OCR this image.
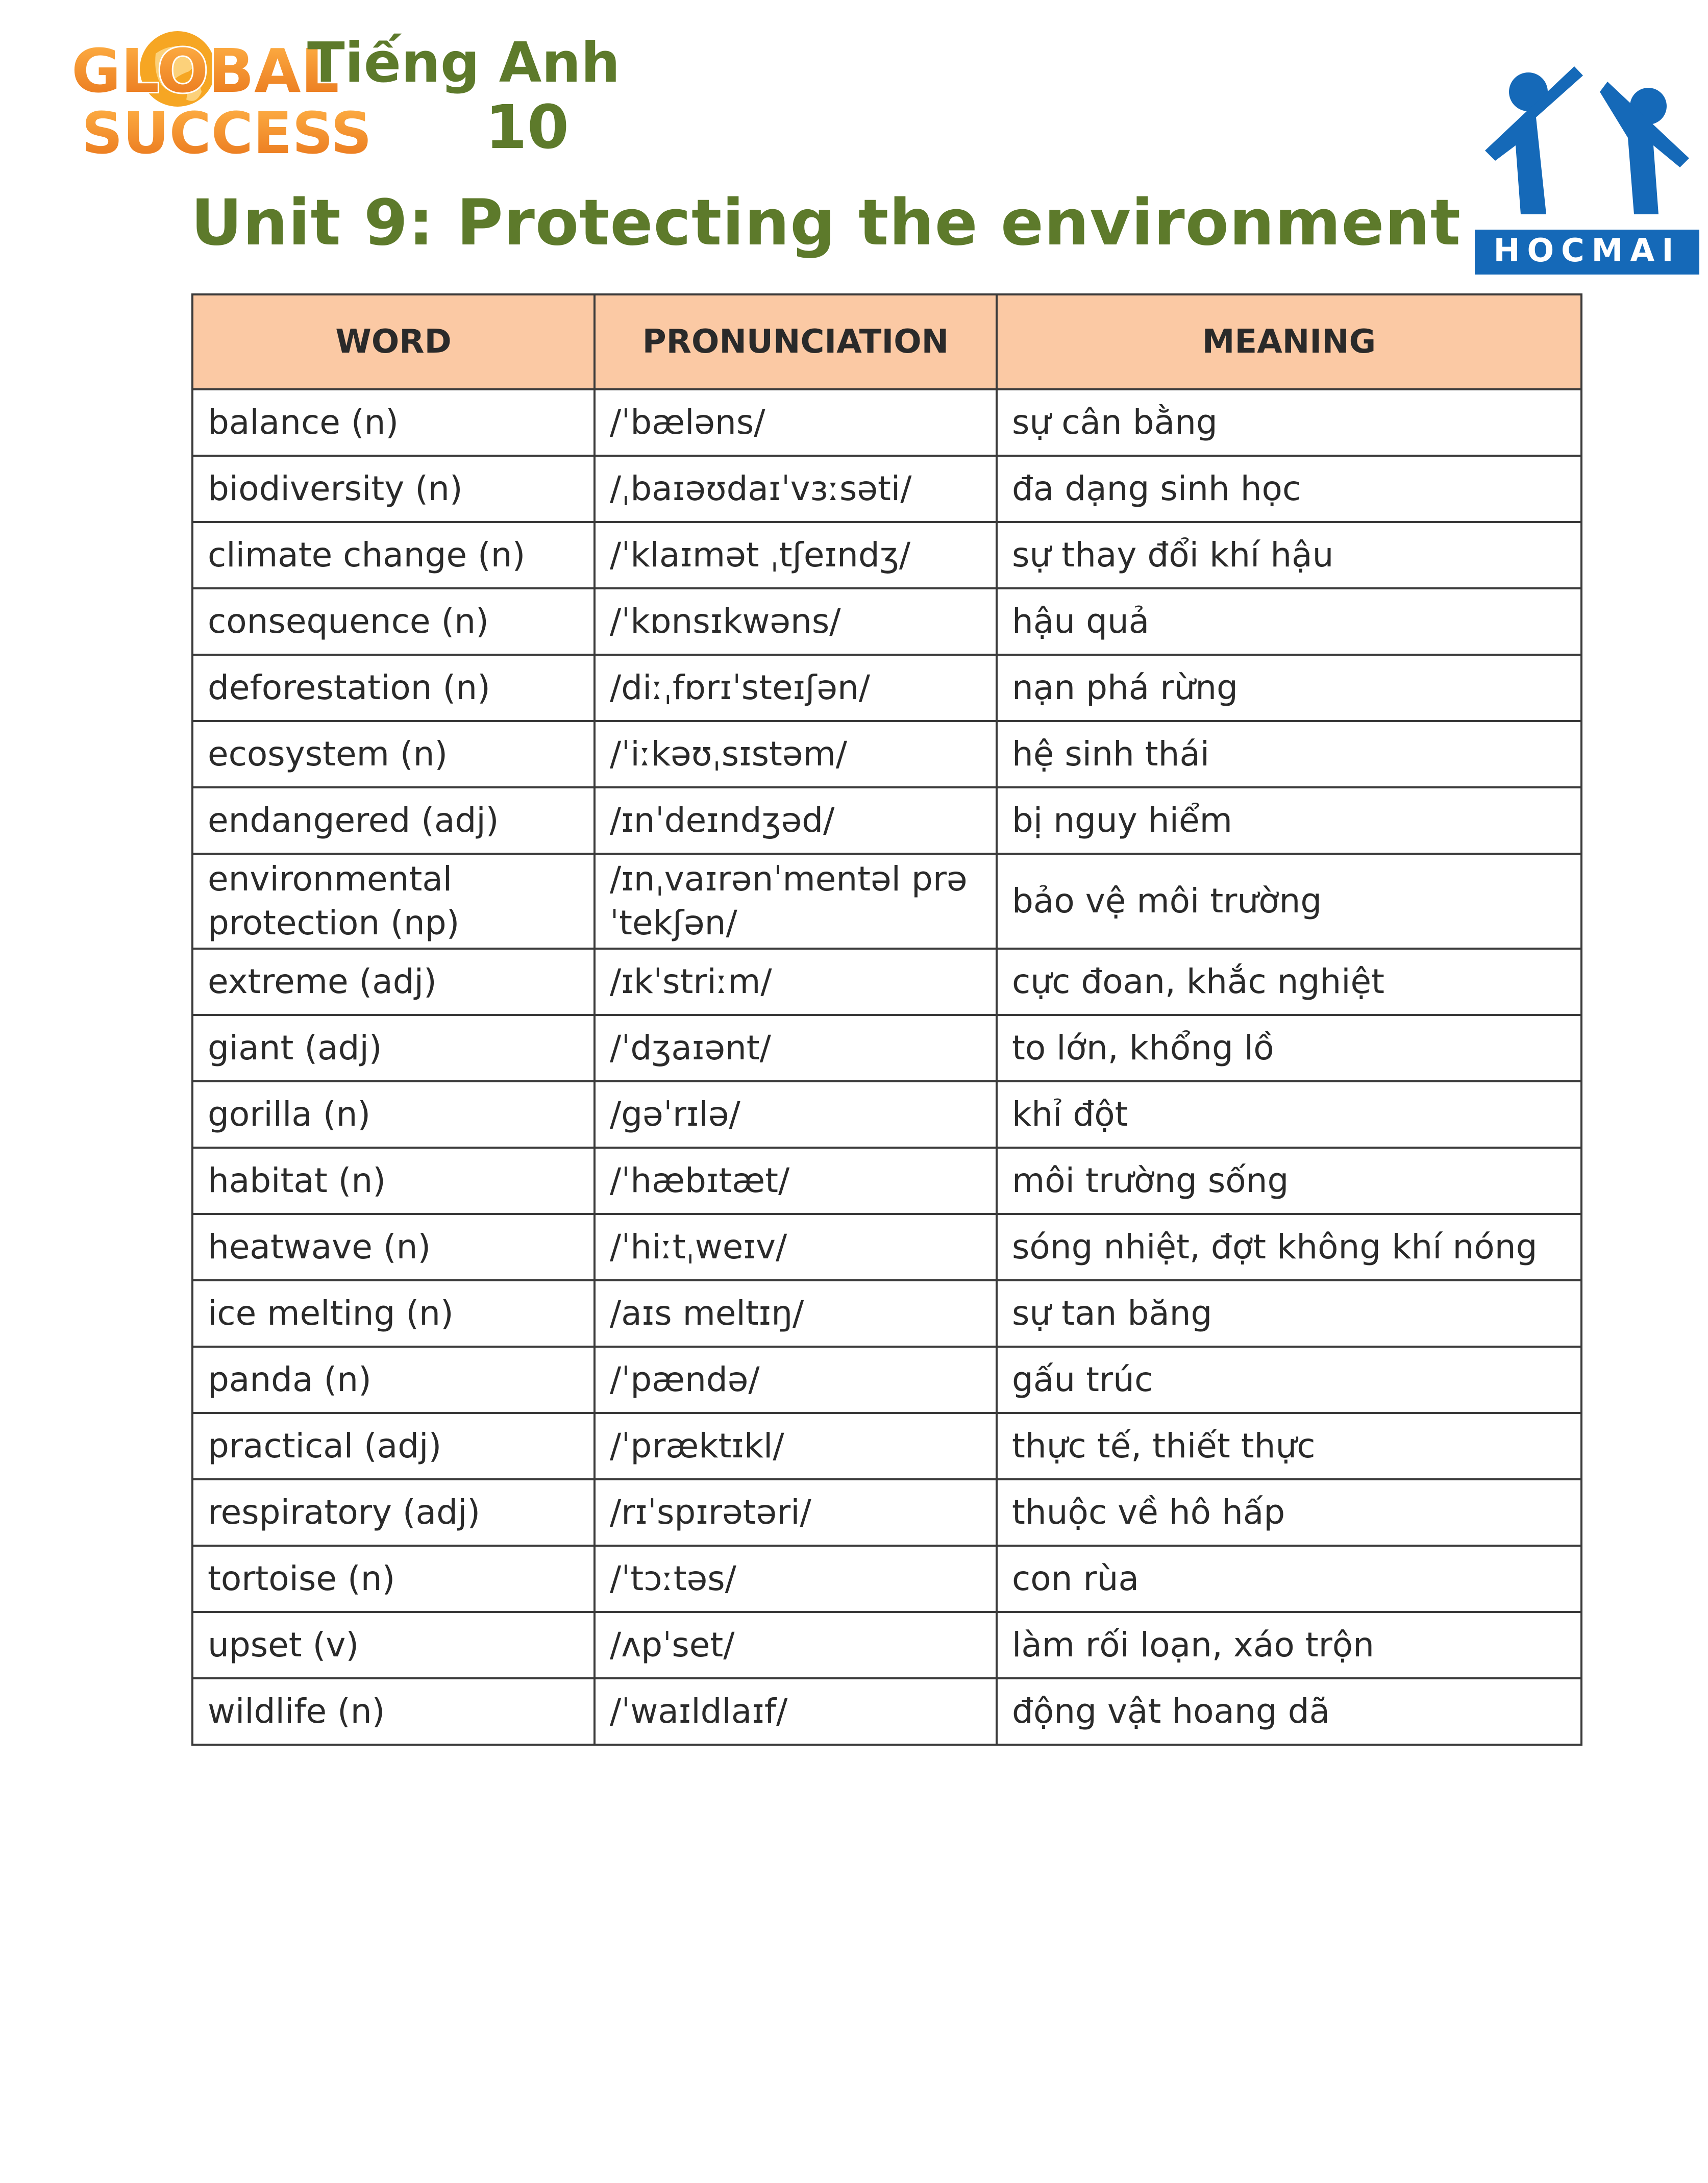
GLOBAL
SUCCESS
Tiếng Anh
10
HOCMAI
Unit 9: Protecting the environment
WORD	PRONUNCIATION	MEANING
balance (n)	/ˈbæləns/	sự cân bằng
biodiversity (n)	/ˌbaɪəʊdaɪˈvɜːsəti/	đa dạng sinh học
climate change (n)	/ˈklaɪmət ˌtʃeɪndʒ/	sự thay đổi khí hậu
consequence (n)	/ˈkɒnsɪkwəns/	hậu quả
deforestation (n)	/diːˌfɒrɪˈsteɪʃən/	nạn phá rừng
ecosystem (n)	/ˈiːkəʊˌsɪstəm/	hệ sinh thái
endangered (adj)	/ɪnˈdeɪndʒəd/	bị nguy hiểm
environmental protection (np)	/ɪnˌvaɪrənˈmentəl prəˈtekʃən/	bảo vệ môi trường
extreme (adj)	/ɪkˈstriːm/	cực đoan, khắc nghiệt
giant (adj)	/ˈdʒaɪənt/	to lớn, khổng lồ
gorilla (n)	/gəˈrɪlə/	khỉ đột
habitat (n)	/ˈhæbɪtæt/	môi trường sống
heatwave (n)	/ˈhiːtˌweɪv/	sóng nhiệt, đợt không khí nóng
ice melting (n)	/aɪs meltɪŋ/	sự tan băng
panda (n)	/ˈpændə/	gấu trúc
practical (adj)	/ˈpræktɪkl/	thực tế, thiết thực
respiratory (adj)	/rɪˈspɪrətəri/	thuộc về hô hấp
tortoise (n)	/ˈtɔːtəs/	con rùa
upset (v)	/ʌpˈset/	làm rối loạn, xáo trộn
wildlife (n)	/ˈwaɪldlaɪf/	động vật hoang dã
